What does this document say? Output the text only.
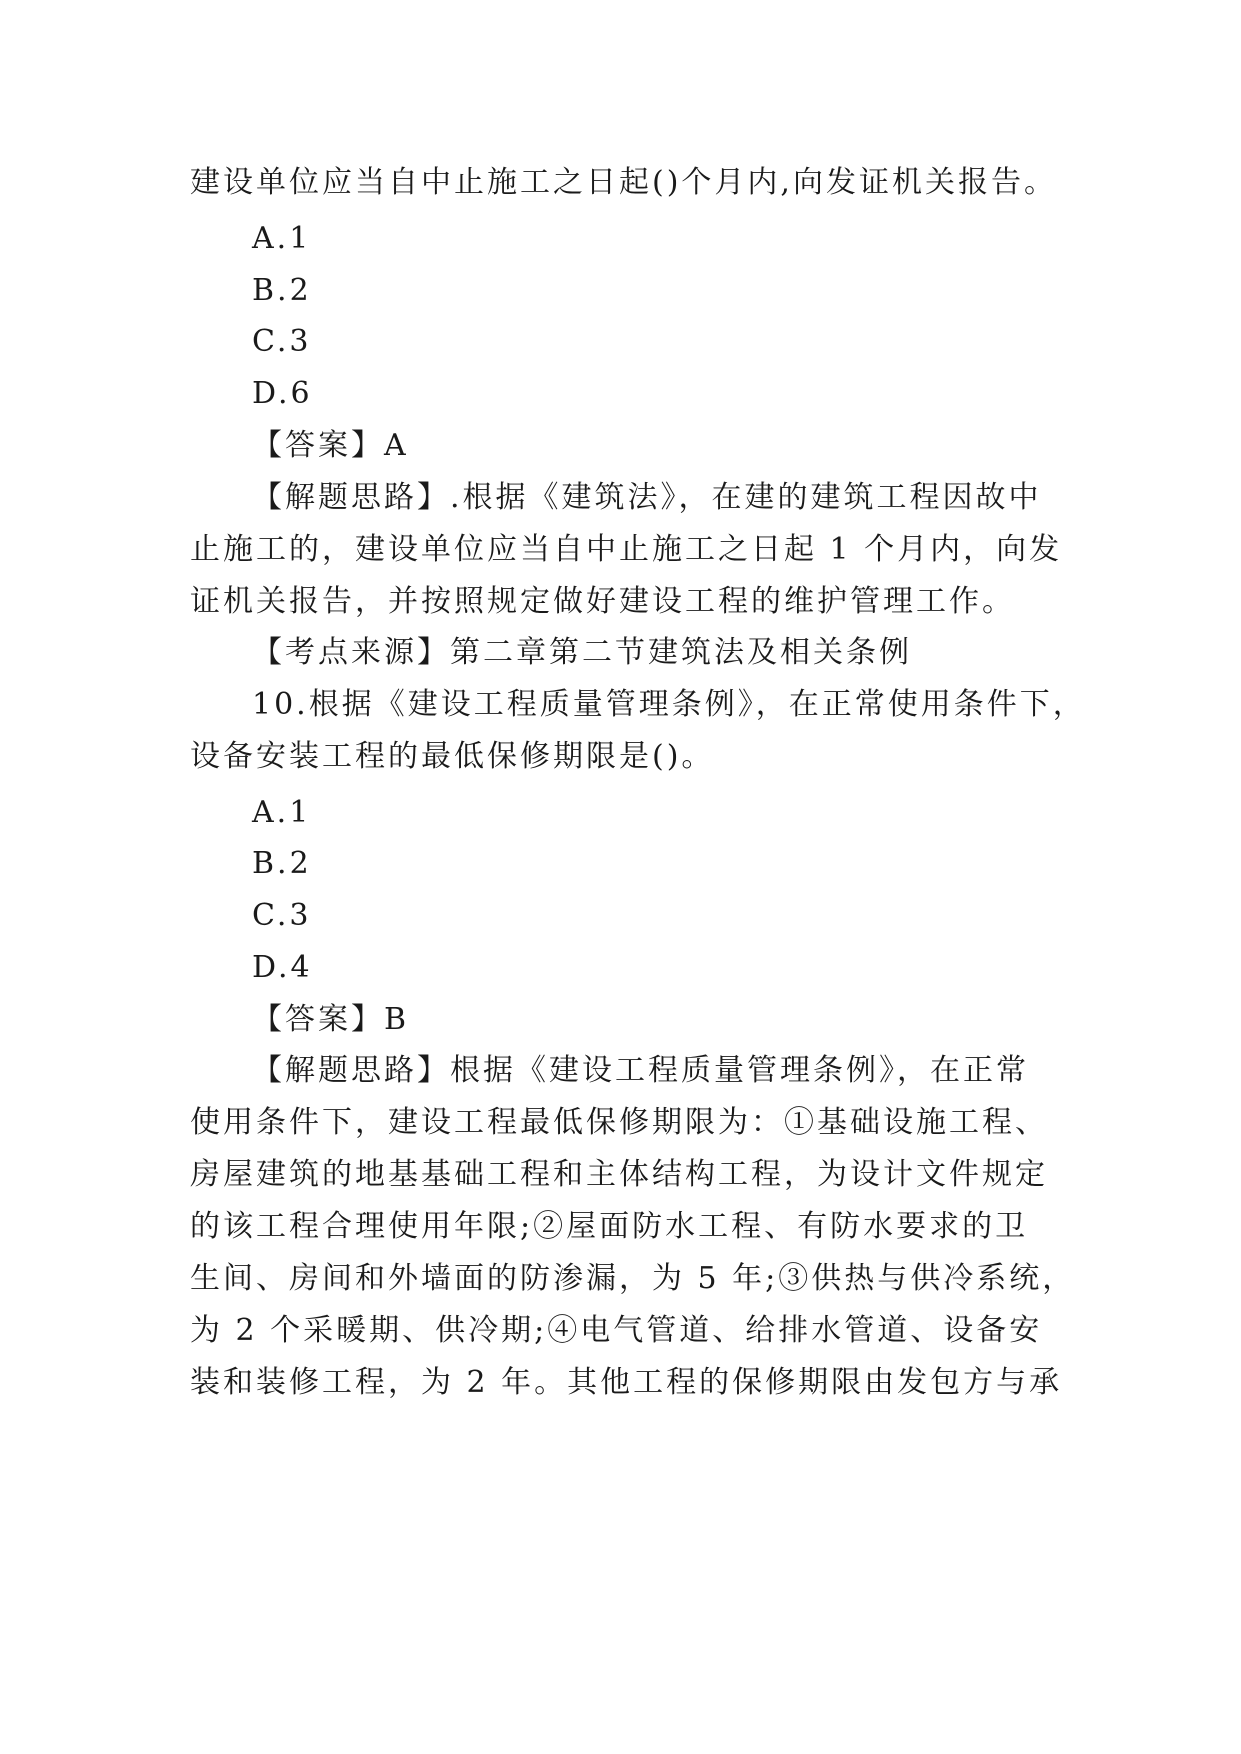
建设单位应当自中止施工之日起()个月内,向发证机关报告。
A.1
B.2
C.3
D.6
【答案】A
【解题思路】.根据《建筑法》，在建的建筑工程因故中
止施工的，建设单位应当自中止施工之日起 1 个月内，向发
证机关报告，并按照规定做好建设工程的维护管理工作。
【考点来源】第二章第二节建筑法及相关条例
10.根据《建设工程质量管理条例》，在正常使用条件下，
设备安装工程的最低保修期限是()。
A.1
B.2
C.3
D.4
【答案】B
【解题思路】根据《建设工程质量管理条例》，在正常
使用条件下，建设工程最低保修期限为：①基础设施工程、
房屋建筑的地基基础工程和主体结构工程，为设计文件规定
的该工程合理使用年限;②屋面防水工程、有防水要求的卫
生间、房间和外墙面的防渗漏，为 5 年;③供热与供冷系统，
为 2 个采暖期、供冷期;④电气管道、给排水管道、设备安
装和装修工程，为 2 年。其他工程的保修期限由发包方与承
